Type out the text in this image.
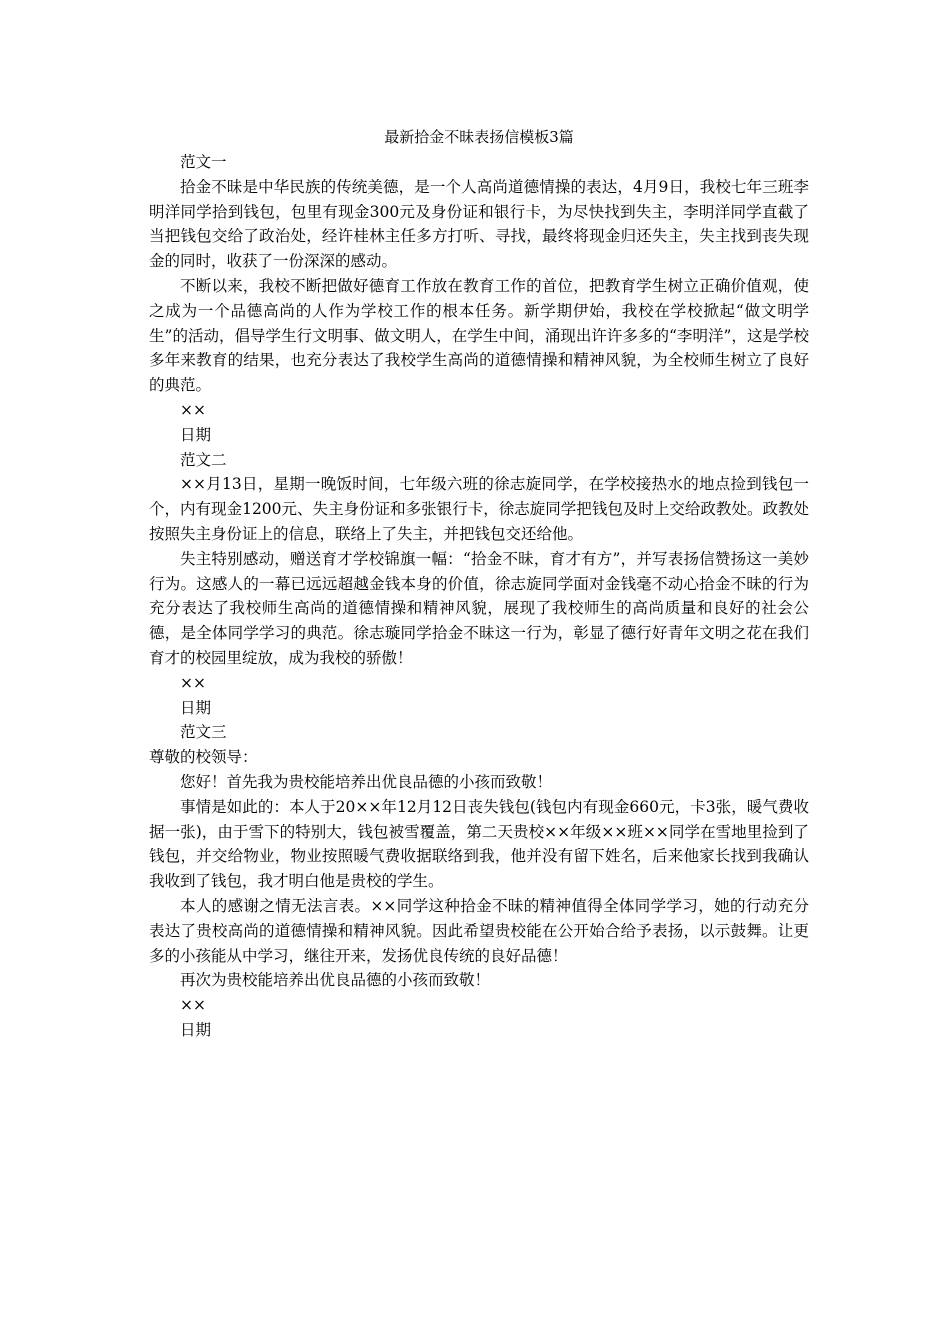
最新拾金不昧表扬信模板3篇

范文一

拾金不昧是中华民族的传统美德，是一个人高尚道德情操的表达，4月9日，我校七年三班李明洋同学拾到钱包，包里有现金300元及身份证和银行卡，为尽快找到失主，李明洋同学直截了当把钱包交给了政治处，经许桂林主任多方打听、寻找，最终将现金归还失主，失主找到丧失现金的同时，收获了一份深深的感动。

不断以来，我校不断把做好德育工作放在教育工作的首位，把教育学生树立正确价值观，使之成为一个品德高尚的人作为学校工作的根本任务。新学期伊始，我校在学校掀起“做文明学生”的活动，倡导学生行文明事、做文明人，在学生中间，涌现出许许多多的“李明洋”，这是学校多年来教育的结果，也充分表达了我校学生高尚的道德情操和精神风貌，为全校师生树立了良好的典范。

××

日期

范文二

××月13日，星期一晚饭时间，七年级六班的徐志旋同学，在学校接热水的地点捡到钱包一个，内有现金1200元、失主身份证和多张银行卡，徐志旋同学把钱包及时上交给政教处。政教处按照失主身份证上的信息，联络上了失主，并把钱包交还给他。

失主特别感动，赠送育才学校锦旗一幅：“拾金不昧，育才有方”，并写表扬信赞扬这一美妙行为。这感人的一幕已远远超越金钱本身的价值，徐志旋同学面对金钱毫不动心拾金不昧的行为充分表达了我校师生高尚的道德情操和精神风貌，展现了我校师生的高尚质量和良好的社会公德，是全体同学学习的典范。徐志璇同学拾金不昧这一行为，彰显了德行好青年文明之花在我们育才的校园里绽放，成为我校的骄傲！

××

日期

范文三

尊敬的校领导：

您好！首先我为贵校能培养出优良品德的小孩而致敬！

事情是如此的：本人于20××年12月12日丧失钱包(钱包内有现金660元，卡3张，暖气费收据一张)，由于雪下的特别大，钱包被雪覆盖，第二天贵校××年级××班××同学在雪地里捡到了钱包，并交给物业，物业按照暖气费收据联络到我，他并没有留下姓名，后来他家长找到我确认我收到了钱包，我才明白他是贵校的学生。

本人的感谢之情无法言表。××同学这种拾金不昧的精神值得全体同学学习，她的行动充分表达了贵校高尚的道德情操和精神风貌。因此希望贵校能在公开始合给予表扬，以示鼓舞。让更多的小孩能从中学习，继往开来，发扬优良传统的良好品德！

再次为贵校能培养出优良品德的小孩而致敬！

××

日期
